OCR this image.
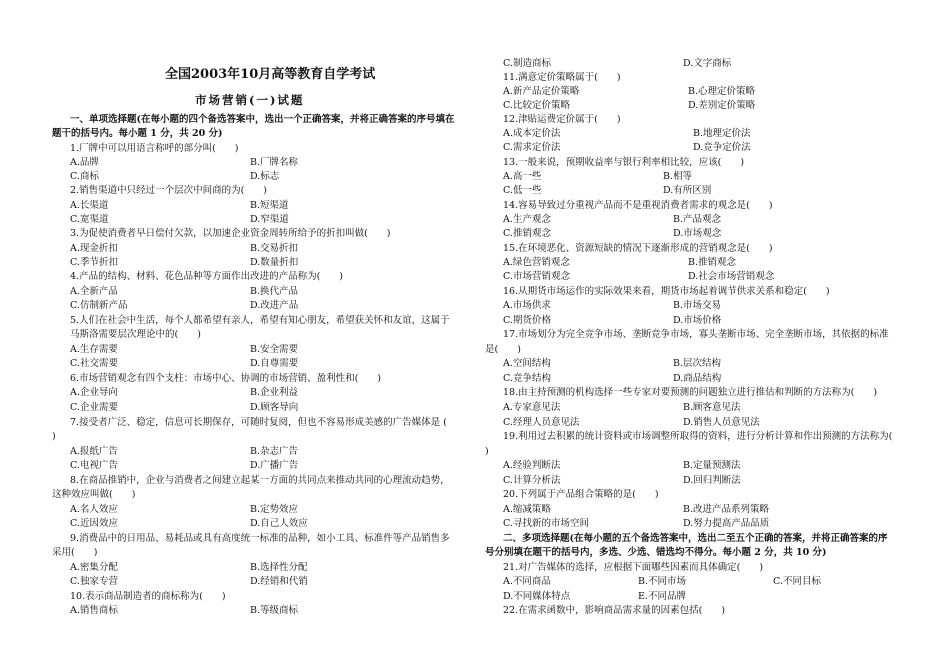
全国2003年10月高等教育自学考试
市场营销(一)试题
一、单项选择题(在每小题的四个备选答案中，选出一个正确答案，并将正确答案的序号填在
题干的括号内。每小题 1 分，共 20 分)
1.厂牌中可以用语言称呼的部分叫(　　)
A.品牌	B.厂牌名称
C.商标	D.标志
2.销售渠道中只经过一个层次中间商的为(　　)
A.长渠道	B.短渠道
C.宽渠道	D.窄渠道
3.为促使消费者早日偿付欠款，以加速企业资金周转所给予的折扣叫做(　　)
A.现金折扣	B.交易折扣
C.季节折扣	D.数量折扣
4.产品的结构、材料、花色品种等方面作出改进的产品称为(　　)
A.全新产品	B.换代产品
C.仿制新产品	D.改进产品
5.人们在社会中生活，每个人都希望有亲人，希望有知心朋友，希望获关怀和友谊，这属于
马斯洛需要层次理论中的(　　)
A.生存需要	B.安全需要
C.社交需要	D.自尊需要
6.市场营销观念有四个支柱：市场中心、协调的市场营销、盈利性和(　　)
A.企业导向	B.企业利益
C.企业需要	D.顾客导向
7.接受者广泛、稳定，信息可长期保存，可随时复阅，但也不容易形成美感的广告媒体是 (
)
A.报纸广告	B.杂志广告
C.电视广告	D.广播广告
8.在商品推销中，企业与消费者之间建立起某一方面的共同点来推动共同的心理流动趋势，
这种效应叫做(　　)
A.名人效应	B.定势效应
C.近因效应	D.自己人效应
9.消费品中的日用品、易耗品或具有高度统一标准的品种，如小工具、标准件等产品销售多
采用(　　)
A.密集分配	B.选择性分配
C.独家专营	D.经销和代销
10.表示商品制造者的商标称为(　　)
A.销售商标	B.等级商标
C.制造商标	D.文字商标
11.满意定价策略属于(　　)
A.新产品定价策略	B.心理定价策略
C.比较定价策略	D.差别定价策略
12.津贴运费定价属于(　　)
A.成本定价法	B.地理定价法
C.需求定价法	D.竞争定价法
13.一般来说，预期收益率与银行利率相比较，应该(　　)
A.高一些	B.相等
C.低一些	D.有所区别
14.容易导致过分重视产品而不是重视消费者需求的观念是(　　)
A.生产观念	B.产品观念
C.推销观念	D.市场观念
15.在环境恶化、资源短缺的情况下逐渐形成的营销观念是(　　)
A.绿色营销观念	B.推销观念
C.市场营销观念	D.社会市场营销观念
16.从期货市场运作的实际效果来看，期货市场起着调节供求关系和稳定(　　)
A.市场供求	B.市场交易
C.期货价格	D.市场价格
17.市场划分为完全竞争市场、垄断竞争市场，寡头垄断市场、完全垄断市场，其依据的标准
是(　　)
A.空间结构	B.层次结构
C.竞争结构	D.商品结构
18.由主持预测的机构选择一些专家对要预测的问题独立进行推估和判断的方法称为(　　)
A.专家意见法	B.顾客意见法
C.经理人员意见法	D.销售人员意见法
19.利用过去积累的统计资料或市场调整所取得的资料，进行分析计算和作出预测的方法称为(
)
A.经验判断法	B.定量预测法
C.计算分析法	D.回归判断法
20.下列属于产品组合策略的是(　　)
A.缩减策略	B.改进产品系列策略
C.寻找新的市场空间	D.努力提高产品品质
二、多项选择题(在每小题的五个备选答案中，选出二至五个正确的答案，并将正确答案的序
号分别填在题干的括号内，多选、少选、错选均不得分。每小题 2 分，共 10 分)
21.对广告媒体的选择，应根据下面哪些因素而具体确定(　　)
A.不同商品	B.不同市场	C.不同目标
D.不同媒体特点	E.不同品牌
22.在需求函数中，影响商品需求量的因素包括(　　)
